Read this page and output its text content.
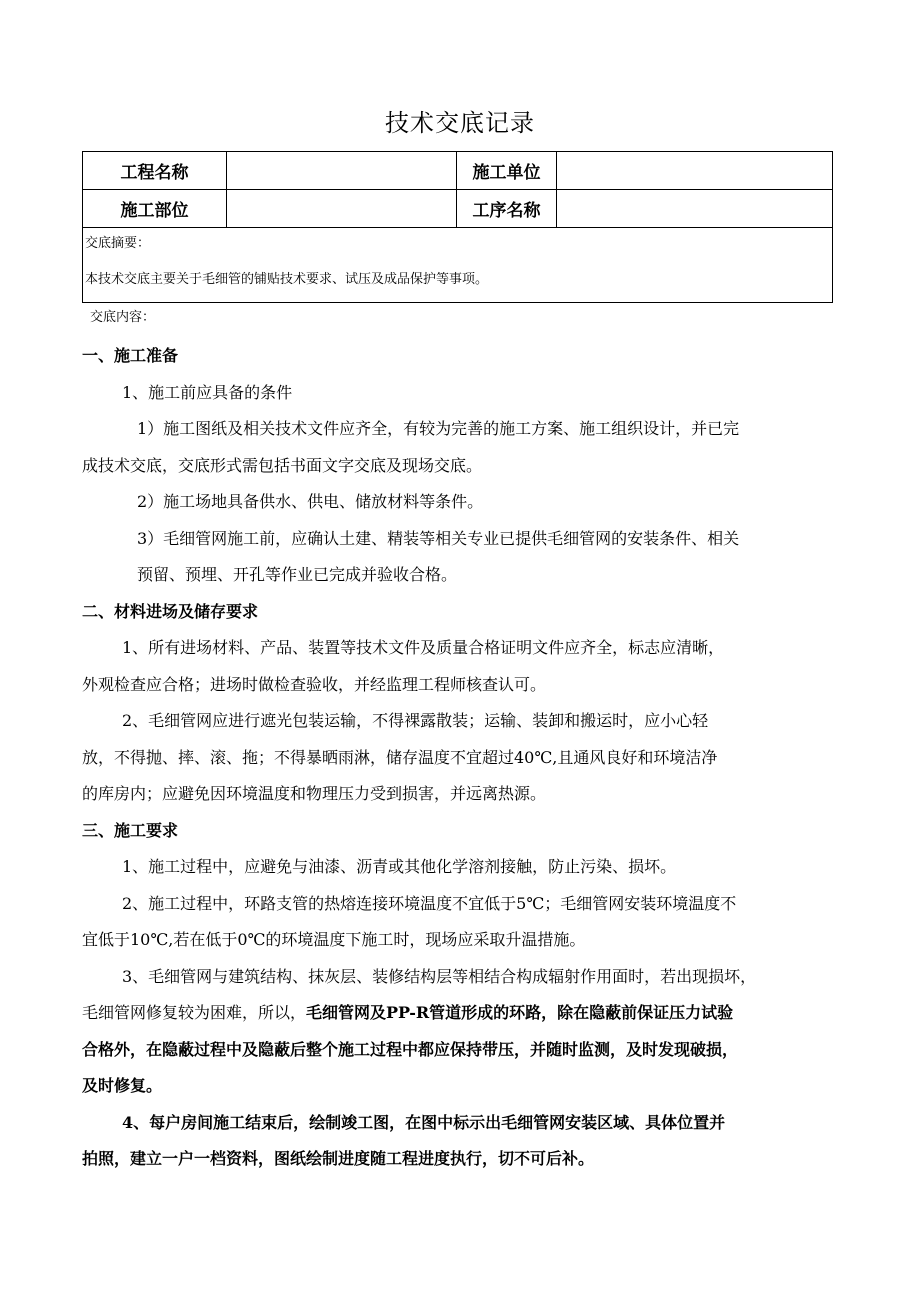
技术交底记录
工程名称		施工单位	
施工部位		工序名称	

交底摘要：
本技术交底主要关于毛细管的铺贴技术要求、试压及成品保护等事项。			
交底内容：

一、施工准备

1、施工前应具备的条件

1）施工图纸及相关技术文件应齐全，有较为完善的施工方案、施工组织设计，并已完

成技术交底，交底形式需包括书面文字交底及现场交底。

2）施工场地具备供水、供电、储放材料等条件。

3）毛细管网施工前，应确认土建、精装等相关专业已提供毛细管网的安装条件、相关

预留、预埋、开孔等作业已完成并验收合格。

二、材料进场及储存要求

1、所有进场材料、产品、装置等技术文件及质量合格证明文件应齐全，标志应清晰，

外观检查应合格；进场时做检查验收，并经监理工程师核查认可。

2、毛细管网应进行遮光包装运输，不得裸露散装；运输、装卸和搬运时，应小心轻

放，不得抛、摔、滚、拖；不得暴晒雨淋，储存温度不宜超过40℃,且通风良好和环境洁净

的库房内；应避免因环境温度和物理压力受到损害，并远离热源。

三、施工要求

1、施工过程中，应避免与油漆、沥青或其他化学溶剂接触，防止污染、损坏。

2、施工过程中，环路支管的热熔连接环境温度不宜低于5℃；毛细管网安装环境温度不

宜低于10℃,若在低于0℃的环境温度下施工时，现场应采取升温措施。

3、毛细管网与建筑结构、抹灰层、装修结构层等相结合构成辐射作用面时，若出现损坏，

毛细管网修复较为困难，所以，毛细管网及PP-R管道形成的环路，除在隐蔽前保证压力试验

合格外，在隐蔽过程中及隐蔽后整个施工过程中都应保持带压，并随时监测，及时发现破损，

及时修复。

4、每户房间施工结束后，绘制竣工图，在图中标示出毛细管网安装区域、具体位置并

拍照，建立一户一档资料，图纸绘制进度随工程进度执行，切不可后补。
